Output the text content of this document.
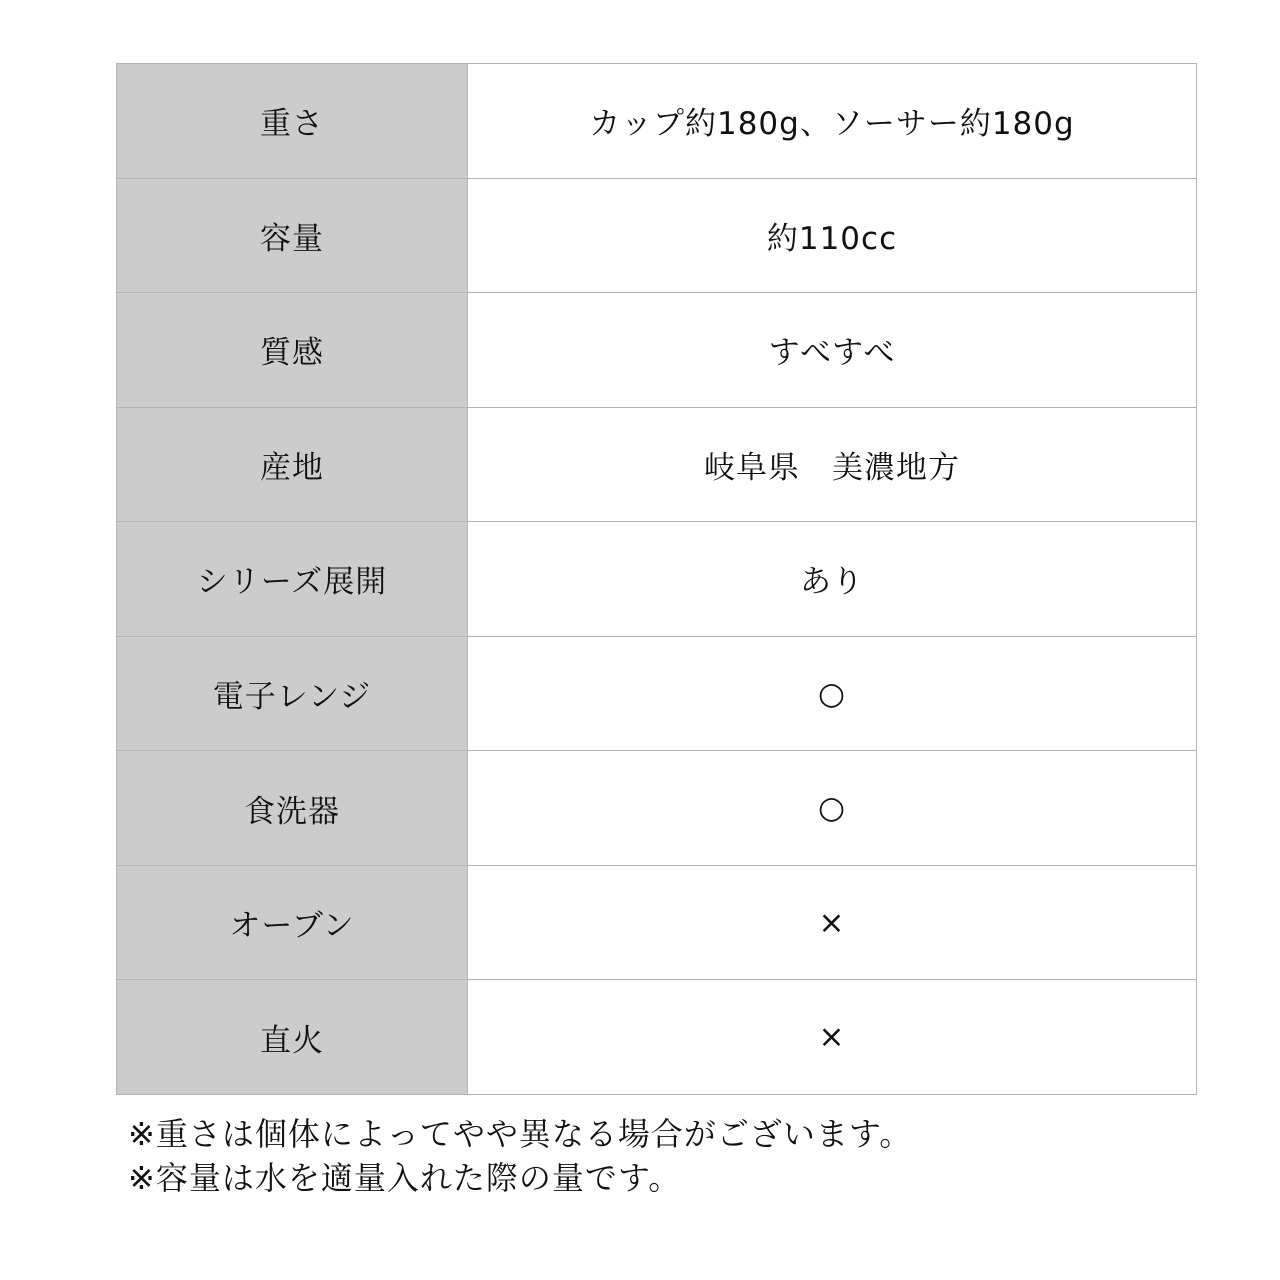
重さ	カップ約180g、ソーサー約180g
容量	約110cc
質感	すべすべ
産地	岐阜県　美濃地方
シリーズ展開	あり
電子レンジ	○
食洗器	○
オーブン	×
直火	×
※重さは個体によってやや異なる場合がございます。
※容量は水を適量入れた際の量です。
